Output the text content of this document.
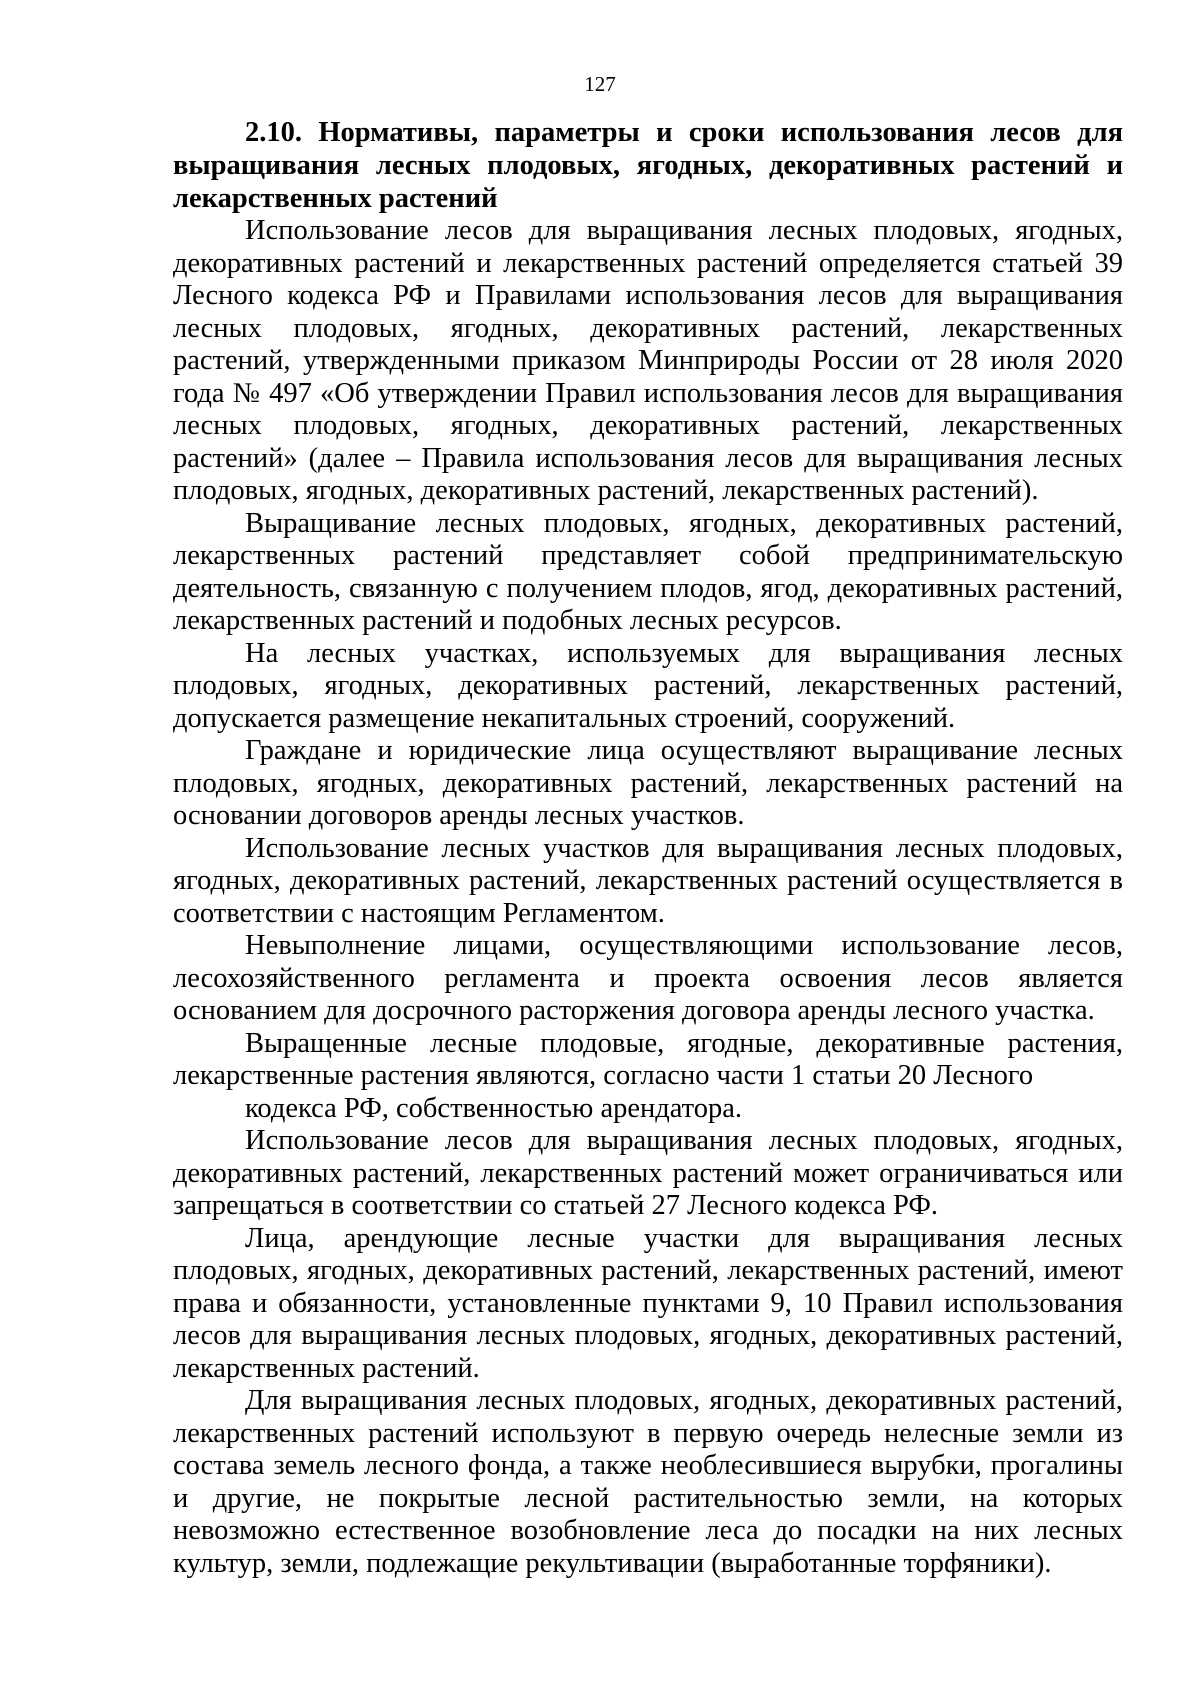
127

2.10. Нормативы, параметры и сроки использования лесов для выращивания лесных плодовых, ягодных, декоративных растений и лекарственных растений

Использование лесов для выращивания лесных плодовых, ягодных, декоративных растений и лекарственных растений определяется статьей 39 Лесного кодекса РФ и Правилами использования лесов для выращивания лесных плодовых, ягодных, декоративных растений, лекарственных растений, утвержденными приказом Минприроды России от 28 июля 2020 года № 497 «Об утверждении Правил использования лесов для выращивания лесных плодовых, ягодных, декоративных растений, лекарственных растений» (далее – Правила использования лесов для выращивания лесных плодовых, ягодных, декоративных растений, лекарственных растений).

Выращивание лесных плодовых, ягодных, декоративных растений, лекарственных растений представляет собой предпринимательскую деятельность, связанную с получением плодов, ягод, декоративных растений, лекарственных растений и подобных лесных ресурсов.

На лесных участках, используемых для выращивания лесных плодовых, ягодных, декоративных растений, лекарственных растений, допускается размещение некапитальных строений, сооружений.

Граждане и юридические лица осуществляют выращивание лесных плодовых, ягодных, декоративных растений, лекарственных растений на основании договоров аренды лесных участков.

Использование лесных участков для выращивания лесных плодовых, ягодных, декоративных растений, лекарственных растений осуществляется в соответствии с настоящим Регламентом.

Невыполнение лицами, осуществляющими использование лесов, лесохозяйственного регламента и проекта освоения лесов является основанием для досрочного расторжения договора аренды лесного участка.

Выращенные лесные плодовые, ягодные, декоративные растения, лекарственные растения являются, согласно части 1 статьи 20 Лесного

кодекса РФ, собственностью арендатора.

Использование лесов для выращивания лесных плодовых, ягодных, декоративных растений, лекарственных растений может ограничиваться или запрещаться в соответствии со статьей 27 Лесного кодекса РФ.

Лица, арендующие лесные участки для выращивания лесных плодовых, ягодных, декоративных растений, лекарственных растений, имеют права и обязанности, установленные пунктами 9, 10 Правил использования лесов для выращивания лесных плодовых, ягодных, декоративных растений, лекарственных растений.

Для выращивания лесных плодовых, ягодных, декоративных растений, лекарственных растений используют в первую очередь нелесные земли из состава земель лесного фонда, а также необлесившиеся вырубки, прогалины и другие, не покрытые лесной растительностью земли, на которых невозможно естественное возобновление леса до посадки на них лесных культур, земли, подлежащие рекультивации (выработанные торфяники).
